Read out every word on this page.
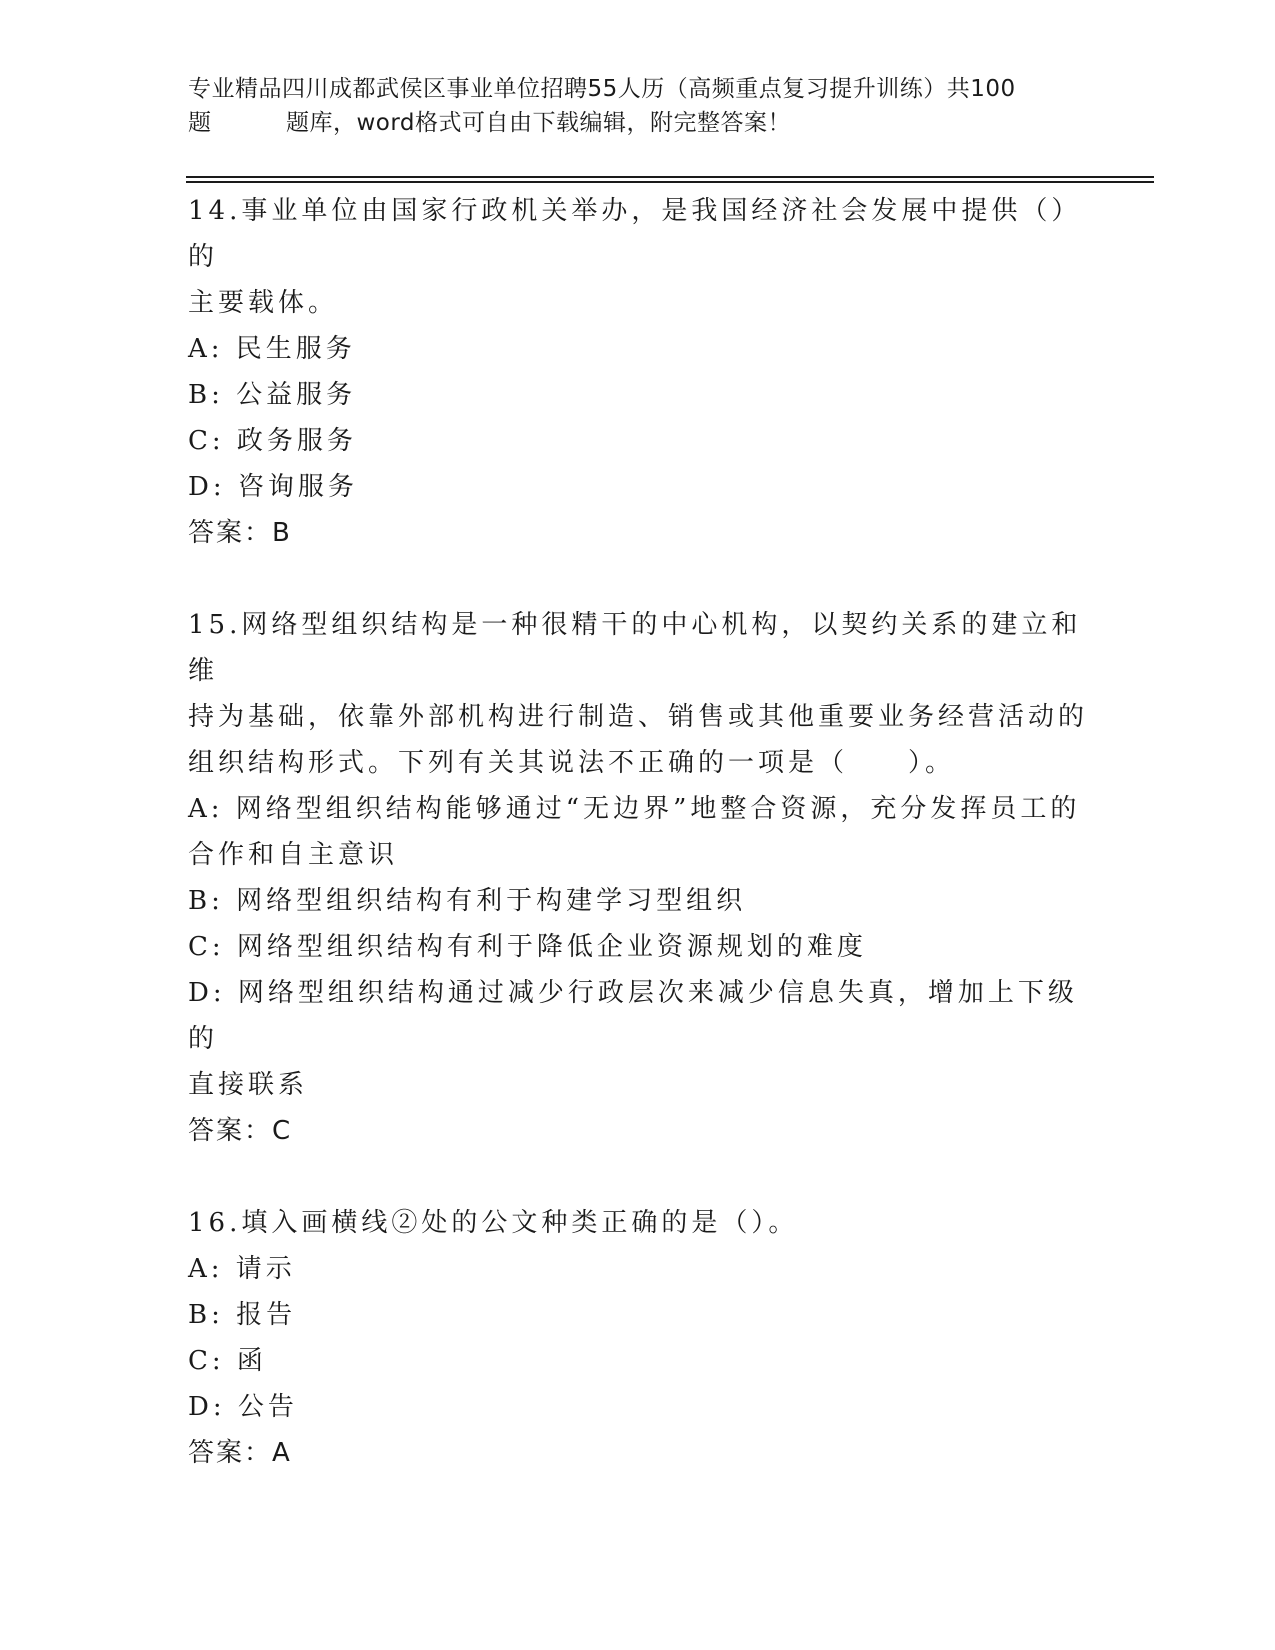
专业精品四川成都武侯区事业单位招聘55人历（高频重点复习提升训练）共100
题	题库，word格式可自由下载编辑，附完整答案！
14.事业单位由国家行政机关举办，是我国经济社会发展中提供（）的
主要载体。
A: 民生服务
B: 公益服务
C: 政务服务
D: 咨询服务
答案：B
15.网络型组织结构是一种很精干的中心机构，以契约关系的建立和维
持为基础，依靠外部机构进行制造、销售或其他重要业务经营活动的
组织结构形式。下列有关其说法不正确的一项是（　　）。
A: 网络型组织结构能够通过“无边界”地整合资源，充分发挥员工的
合作和自主意识
B: 网络型组织结构有利于构建学习型组织
C: 网络型组织结构有利于降低企业资源规划的难度
D: 网络型组织结构通过减少行政层次来减少信息失真，增加上下级的
直接联系
答案：C
16.填入画横线②处的公文种类正确的是（）。
A: 请示
B: 报告
C: 函
D: 公告
答案：A
